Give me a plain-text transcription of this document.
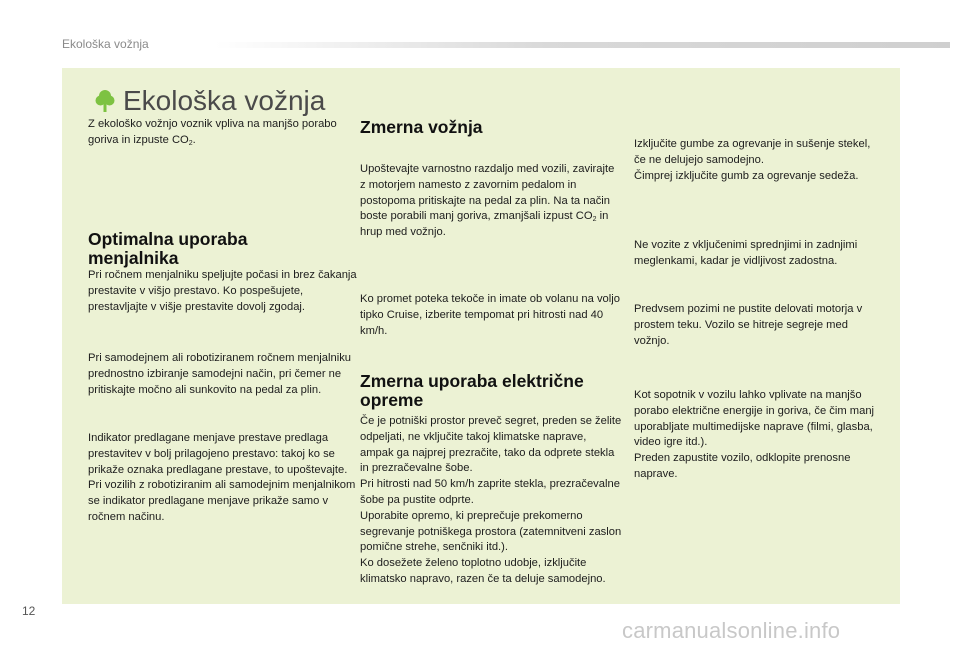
Ekološka vožnja
Ekološka vožnja

Z ekološko vožnjo voznik vpliva na manjšo porabo goriva in izpuste $CO_2$.

Optimalna uporaba menjalnika

Pri ročnem menjalniku speljujte počasi in brez čakanja prestavite v višjo prestavo. Ko pospešujete, prestavljajte v višje prestavite dovolj zgodaj.

Pri samodejnem ali robotiziranem ročnem menjalniku prednostno izbiranje samodejni način, pri čemer ne pritiskajte močno ali sunkovito na pedal za plin.

Indikator predlagane menjave prestave predlaga prestavitev v bolj prilagojeno prestavo: takoj ko se prikaže oznaka predlagane prestave, to upoštevajte.
Pri vozilih z robotiziranim ali samodejnim menjalnikom se indikator predlagane menjave prikaže samo v ročnem načinu.

Zmerna vožnja

Upoštevajte varnostno razdaljo med vozili, zavirajte z motorjem namesto z zavornim pedalom in postopoma pritiskajte na pedal za plin. Na ta način boste porabili manj goriva, zmanjšali izpust $CO_2$ in hrup med vožnjo.

Ko promet poteka tekoče in imate ob volanu na voljo tipko Cruise, izberite tempomat pri hitrosti nad 40 km/h.

Zmerna uporaba električne opreme

Če je potniški prostor preveč segret, preden se želite odpeljati, ne vključite takoj klimatske naprave, ampak ga najprej prezračite, tako da odprete stekla in prezračevalne šobe.
Pri hitrosti nad 50 km/h zaprite stekla, prezračevalne šobe pa pustite odprte.
Uporabite opremo, ki preprečuje prekomerno segrevanje potniškega prostora (zatemnitveni zaslon pomične strehe, senčniki itd.).
Ko dosežete želeno toplotno udobje, izključite klimatsko napravo, razen če ta deluje samodejno.

Izključite gumbe za ogrevanje in sušenje stekel, če ne delujejo samodejno.
Čimprej izključite gumb za ogrevanje sedeža.

Ne vozite z vključenimi sprednjimi in zadnjimi meglenkami, kadar je vidljivost zadostna.

Predvsem pozimi ne pustite delovati motorja v prostem teku. Vozilo se hitreje segreje med vožnjo.

Kot sopotnik v vozilu lahko vplivate na manjšo porabo električne energije in goriva, če čim manj uporabljate multimedijske naprave (filmi, glasba, video igre itd.).
Preden zapustite vozilo, odklopite prenosne naprave.

12
carmanualsonline.info
